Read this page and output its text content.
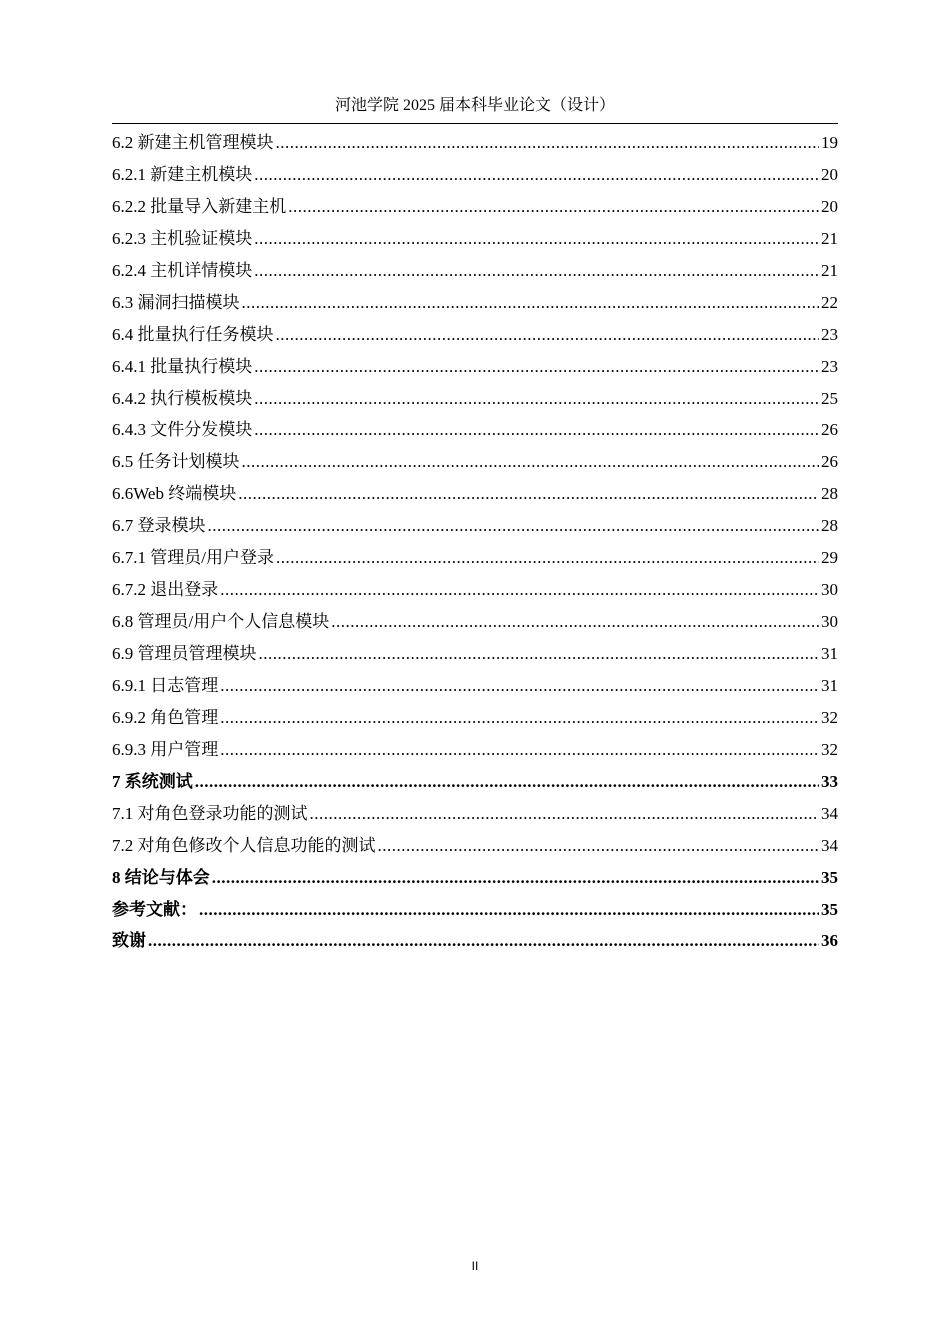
河池学院 2025 届本科毕业论文（设计）
6.2 新建主机管理模块 .....	19
6.2.1 新建主机模块 .....	20
6.2.2 批量导入新建主机 .....	20
6.2.3 主机验证模块 .....	21
6.2.4 主机详情模块 .....	21
6.3 漏洞扫描模块 .....	22
6.4 批量执行任务模块 .....	23
6.4.1 批量执行模块 .....	23
6.4.2 执行模板模块 .....	25
6.4.3 文件分发模块 .....	26
6.5 任务计划模块 .....	26
6.6Web 终端模块 .....	28
6.7 登录模块 .....	28
6.7.1 管理员/用户登录 .....	29
6.7.2 退出登录 .....	30
6.8 管理员/用户个人信息模块 .....	30
6.9 管理员管理模块 .....	31
6.9.1 日志管理 .....	31
6.9.2 角色管理 .....	32
6.9.3 用户管理 .....	32
7 系统测试 .....	33
7.1 对角色登录功能的测试 .....	34
7.2 对角色修改个人信息功能的测试 .....	34
8 结论与体会 .....	35
参考文献： .....	35
致谢 .....	36
II
